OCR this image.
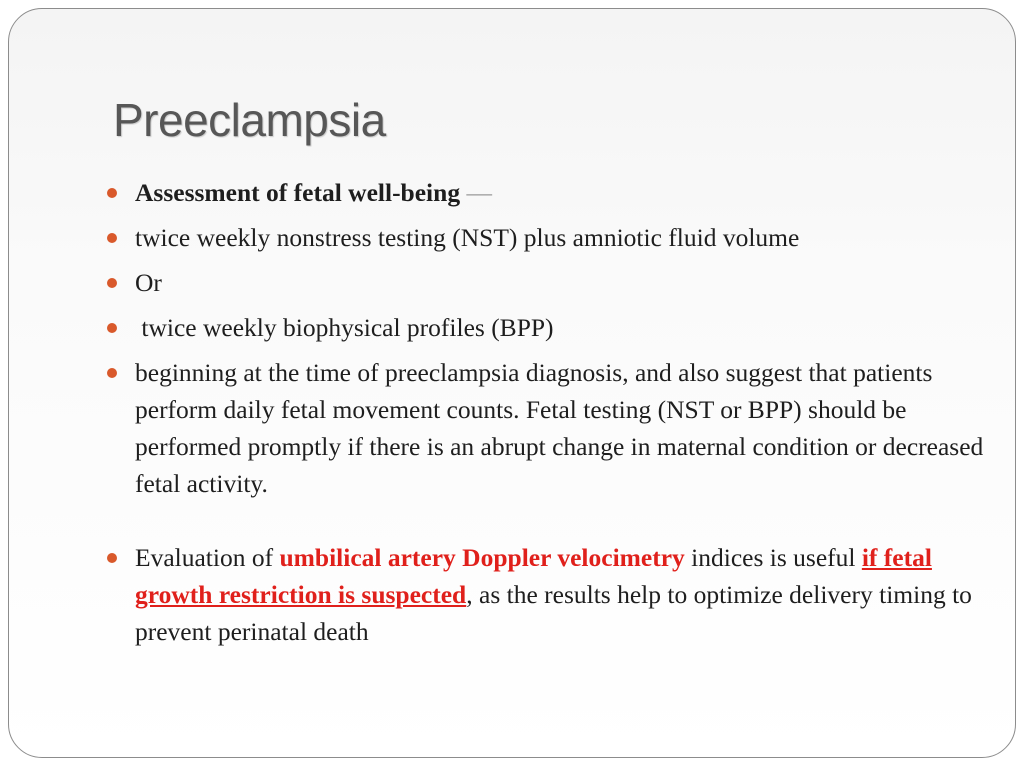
Preeclampsia
Assessment of fetal well-being —
twice weekly nonstress testing (NST) plus amniotic fluid volume
Or
twice weekly biophysical profiles (BPP)
beginning at the time of preeclampsia diagnosis, and also suggest that patients perform daily fetal movement counts. Fetal testing (NST or BPP) should be performed promptly if there is an abrupt change in maternal condition or decreased fetal activity.
Evaluation of umbilical artery Doppler velocimetry indices is useful if fetal growth restriction is suspected, as the results help to optimize delivery timing to prevent perinatal death
